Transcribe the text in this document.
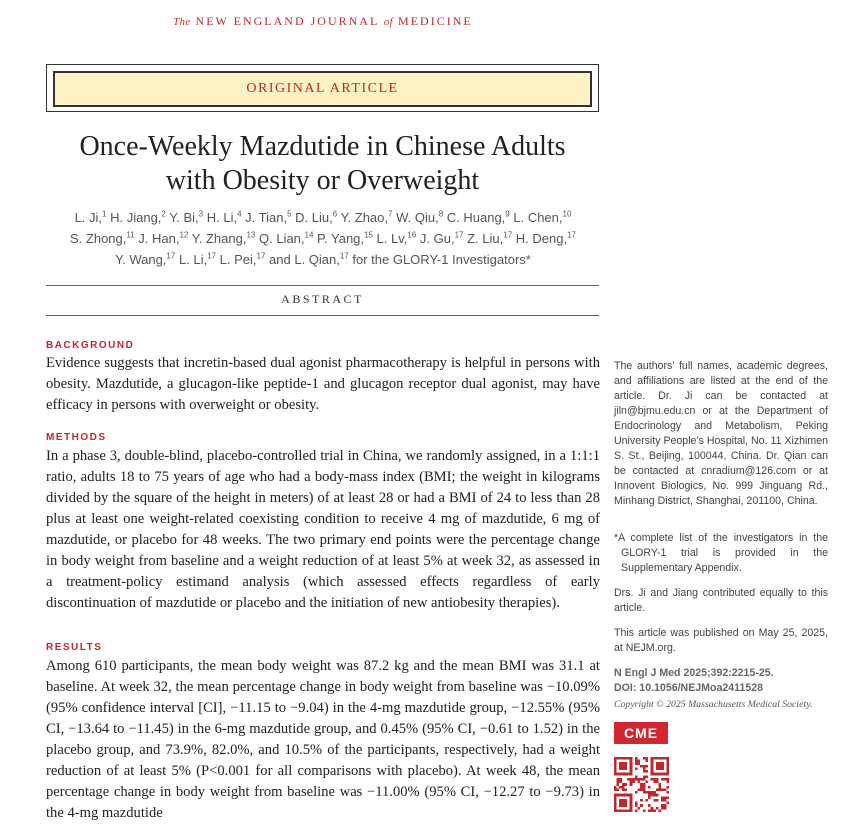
The NEW ENGLAND JOURNAL of MEDICINE
ORIGINAL ARTICLE
Once-Weekly Mazdutide in Chinese Adults
with Obesity or Overweight
L. Ji,$^1$ H. Jiang,$^2$ Y. Bi,$^3$ H. Li,$^4$ J. Tian,$^5$ D. Liu,$^6$ Y. Zhao,$^7$ W. Qiu,$^8$ C. Huang,$^9$ L. Chen,$^{10}$
S. Zhong,$^{11}$ J. Han,$^{12}$ Y. Zhang,$^{13}$ Q. Lian,$^{14}$ P. Yang,$^{15}$ L. Lv,$^{16}$ J. Gu,$^{17}$ Z. Liu,$^{17}$ H. Deng,$^{17}$
Y. Wang,$^{17}$ L. Li,$^{17}$ L. Pei,$^{17}$ and L. Qian,$^{17}$ for the GLORY-1 Investigators*
ABSTRACT
BACKGROUND
Evidence suggests that incretin-based dual agonist pharmacotherapy is helpful in persons with obesity. Mazdutide, a glucagon-like peptide-1 and glucagon receptor dual agonist, may have efficacy in persons with overweight or obesity.
METHODS
In a phase 3, double-blind, placebo-controlled trial in China, we randomly assigned, in a 1:1:1 ratio, adults 18 to 75 years of age who had a body-mass index (BMI; the weight in kilograms divided by the square of the height in meters) of at least 28 or had a BMI of 24 to less than 28 plus at least one weight-related coexisting condition to receive 4 mg of mazdutide, 6 mg of mazdutide, or placebo for 48 weeks. The two primary end points were the percentage change in body weight from baseline and a weight reduction of at least 5% at week 32, as assessed in a treatment-policy estimand analysis (which assessed effects regardless of early discontinuation of mazdutide or placebo and the initiation of new antiobesity therapies).
RESULTS
Among 610 participants, the mean body weight was 87.2 kg and the mean BMI was 31.1 at baseline. At week 32, the mean percentage change in body weight from baseline was −10.09% (95% confidence interval [CI], −11.15 to −9.04) in the 4-mg mazdutide group, −12.55% (95% CI, −13.64 to −11.45) in the 6-mg mazdutide group, and 0.45% (95% CI, −0.61 to 1.52) in the placebo group, and 73.9%, 82.0%, and 10.5% of the participants, respectively, had a weight reduction of at least 5% (P<0.001 for all comparisons with placebo). At week 48, the mean percentage change in body weight from baseline was −11.00% (95% CI, −12.27 to −9.73) in the 4-mg mazdutide
The authors’ full names, academic degrees, and affiliations are listed at the end of the article. Dr. Ji can be contacted at jiln@bjmu.edu.cn or at the Department of Endocrinology and Metabolism, Peking University People’s Hospital, No. 11 Xizhimen S. St., Beijing, 100044, China. Dr. Qian can be contacted at cnradium@126.com or at Innovent Biologics, No. 999 Jinguang Rd., Minhang District, Shanghai, 201100, China.
*A complete list of the investigators in the GLORY-1 trial is provided in the Supplementary Appendix.
Drs. Ji and Jiang contributed equally to this article.
This article was published on May 25, 2025, at NEJM.org.
N Engl J Med 2025;392:2215-25.
DOI: 10.1056/NEJMoa2411528
Copyright © 2025 Massachusetts Medical Society.
CME
